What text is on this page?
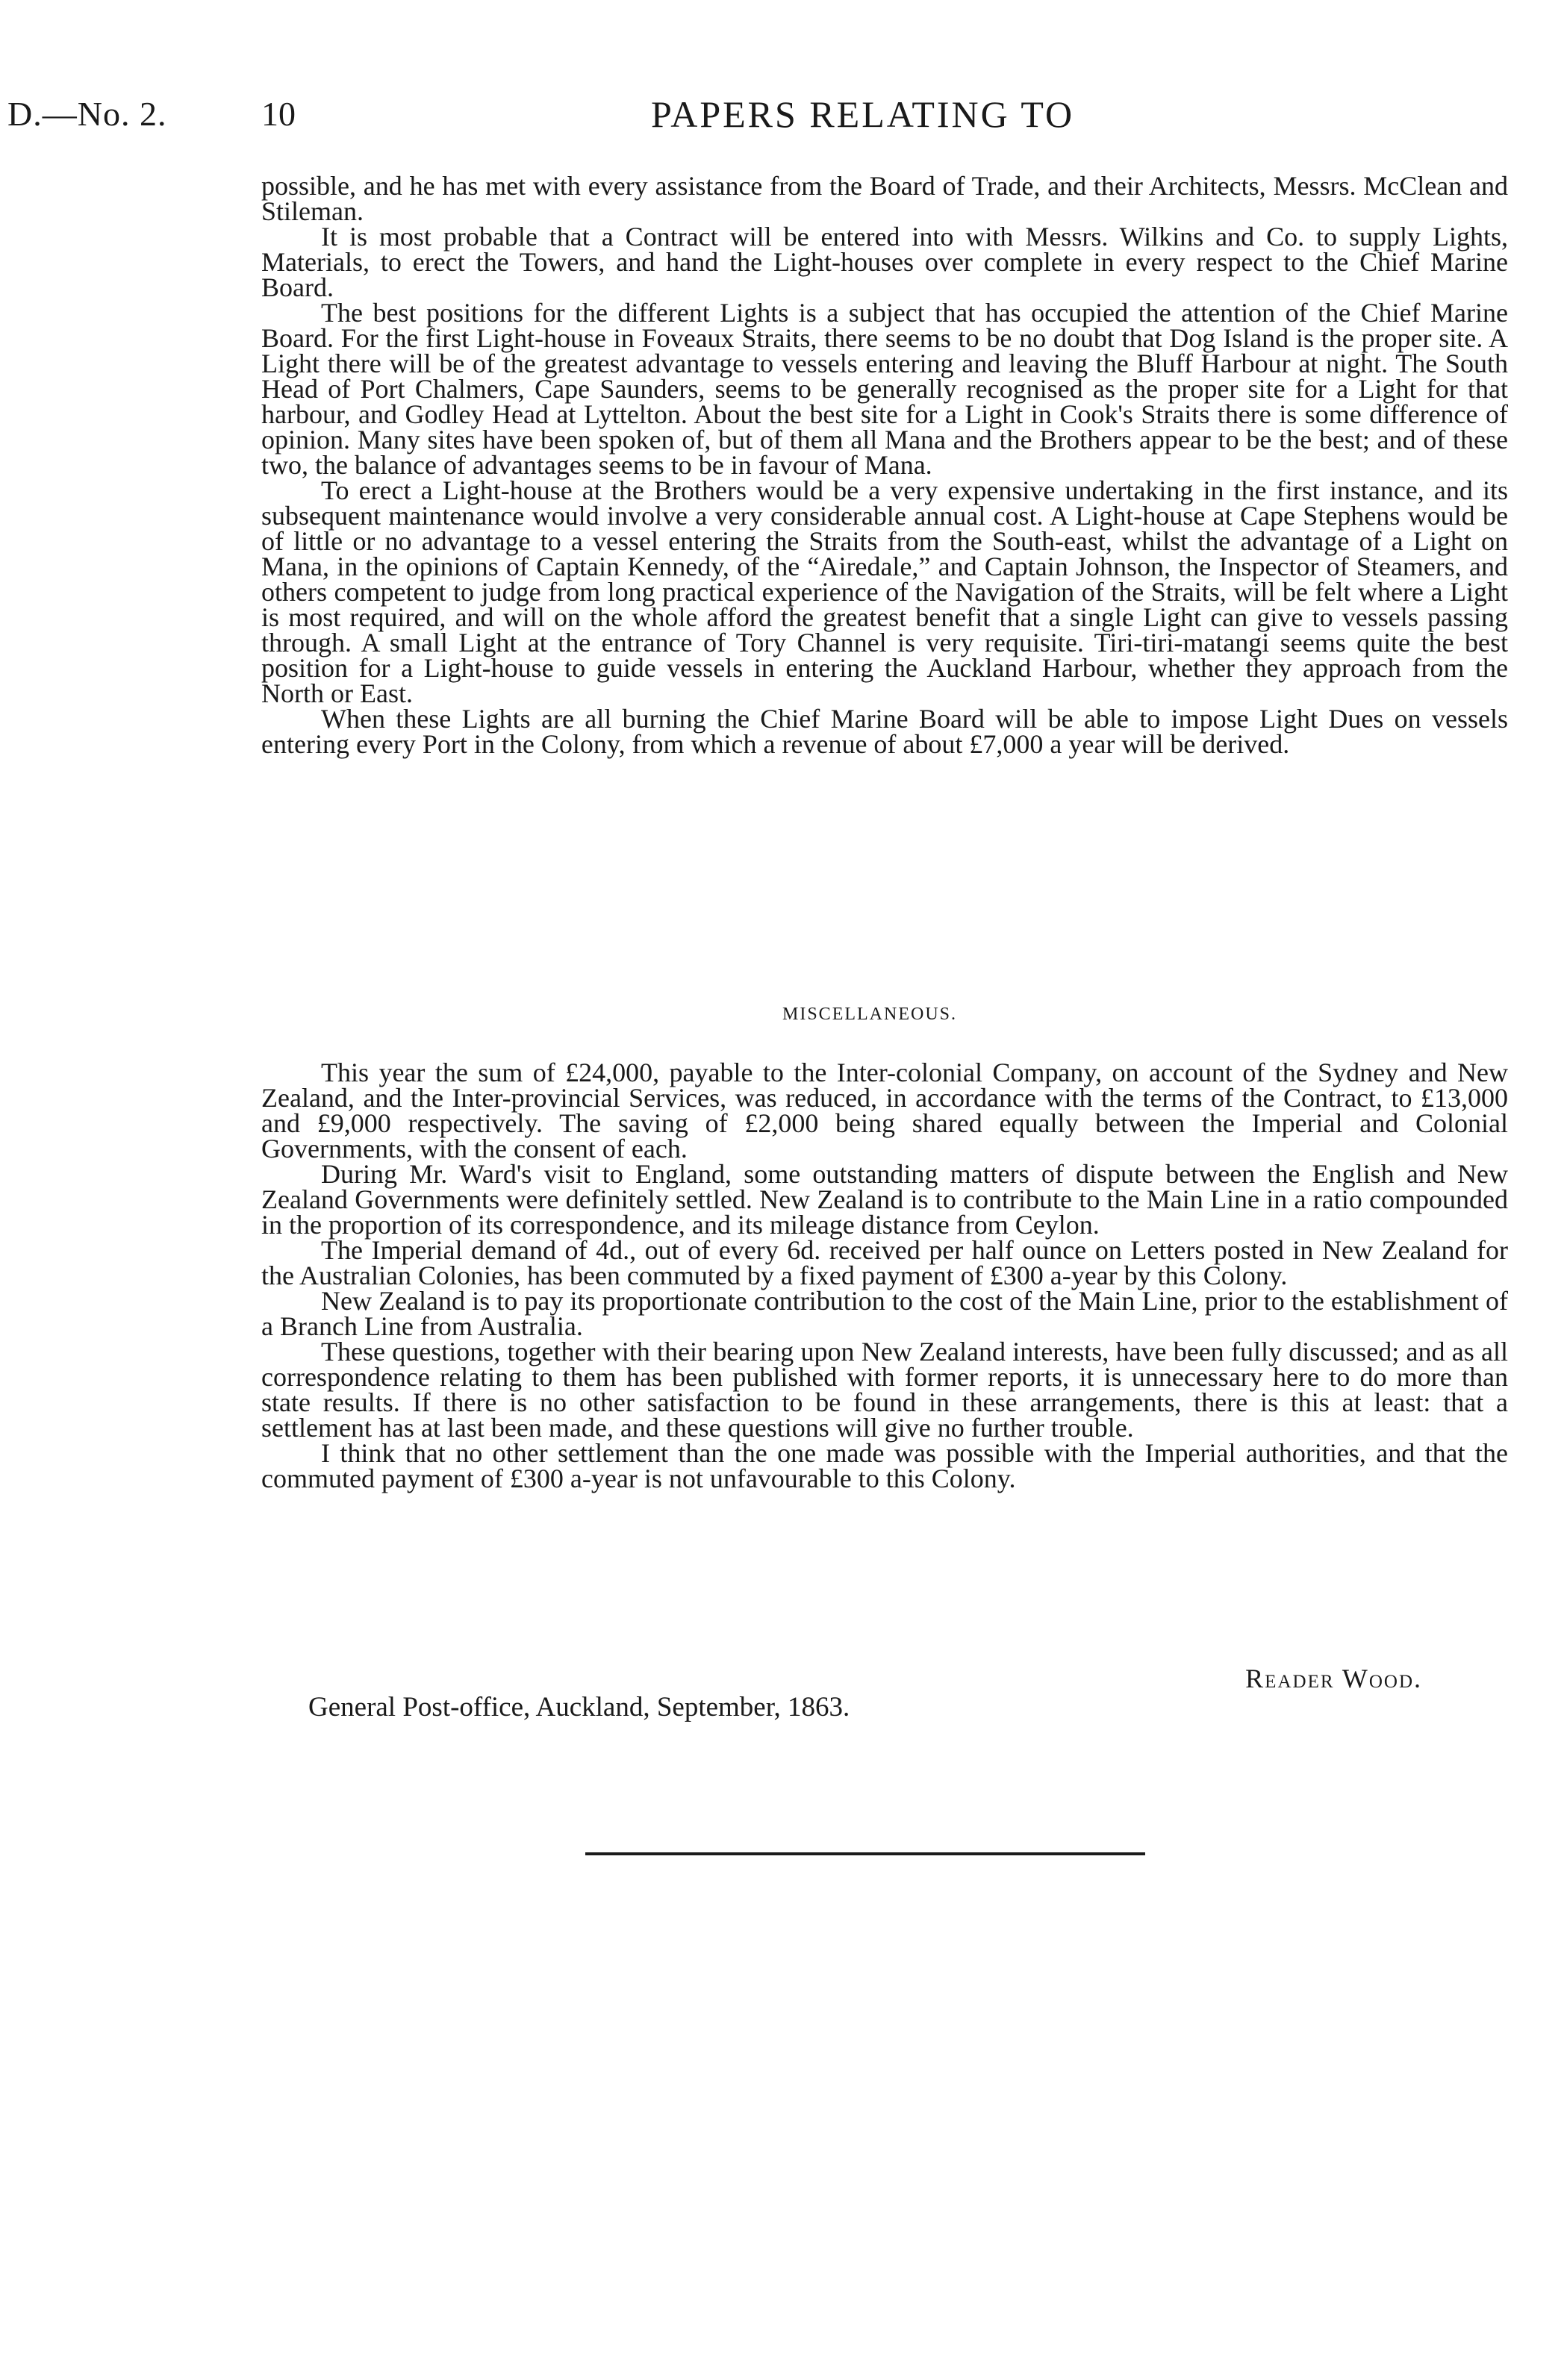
D.—No. 2.	10	PAPERS RELATING TO

possible, and he has met with every assistance from the Board of Trade, and their Architects, Messrs. McClean and Stileman.

It is most probable that a Contract will be entered into with Messrs. Wilkins and Co. to supply Lights, Materials, to erect the Towers, and hand the Light-houses over complete in every respect to the Chief Marine Board.

The best positions for the different Lights is a subject that has occupied the attention of the Chief Marine Board. For the first Light-house in Foveaux Straits, there seems to be no doubt that Dog Island is the proper site. A Light there will be of the greatest advantage to vessels entering and leaving the Bluff Harbour at night. The South Head of Port Chalmers, Cape Saunders, seems to be generally recognised as the proper site for a Light for that harbour, and Godley Head at Lyttelton. About the best site for a Light in Cook's Straits there is some difference of opinion. Many sites have been spoken of, but of them all Mana and the Brothers appear to be the best; and of these two, the balance of advantages seems to be in favour of Mana.

To erect a Light-house at the Brothers would be a very expensive undertaking in the first instance, and its subsequent maintenance would involve a very considerable annual cost. A Light-house at Cape Stephens would be of little or no advantage to a vessel entering the Straits from the South-east, whilst the advantage of a Light on Mana, in the opinions of Captain Kennedy, of the “Airedale,” and Captain Johnson, the Inspector of Steamers, and others competent to judge from long practical experience of the Navigation of the Straits, will be felt where a Light is most required, and will on the whole afford the greatest benefit that a single Light can give to vessels passing through. A small Light at the entrance of Tory Channel is very requisite. Tiri-tiri-matangi seems quite the best position for a Light-house to guide vessels in entering the Auckland Harbour, whether they approach from the North or East.

When these Lights are all burning the Chief Marine Board will be able to impose Light Dues on vessels entering every Port in the Colony, from which a revenue of about £7,000 a year will be derived.

MISCELLANEOUS.

This year the sum of £24,000, payable to the Inter-colonial Company, on account of the Sydney and New Zealand, and the Inter-provincial Services, was reduced, in accordance with the terms of the Contract, to £13,000 and £9,000 respectively. The saving of £2,000 being shared equally between the Imperial and Colonial Governments, with the consent of each.

During Mr. Ward's visit to England, some outstanding matters of dispute between the English and New Zealand Governments were definitely settled. New Zealand is to contribute to the Main Line in a ratio compounded in the proportion of its correspondence, and its mileage distance from Ceylon.

The Imperial demand of 4d., out of every 6d. received per half ounce on Letters posted in New Zealand for the Australian Colonies, has been commuted by a fixed payment of £300 a-year by this Colony.

New Zealand is to pay its proportionate contribution to the cost of the Main Line, prior to the establishment of a Branch Line from Australia.

These questions, together with their bearing upon New Zealand interests, have been fully discussed; and as all correspondence relating to them has been published with former reports, it is unnecessary here to do more than state results. If there is no other satisfaction to be found in these arrangements, there is this at least: that a settlement has at last been made, and these questions will give no further trouble.

I think that no other settlement than the one made was possible with the Imperial authorities, and that the commuted payment of £300 a-year is not unfavourable to this Colony.

Reader Wood.
General Post-office, Auckland, September, 1863.
